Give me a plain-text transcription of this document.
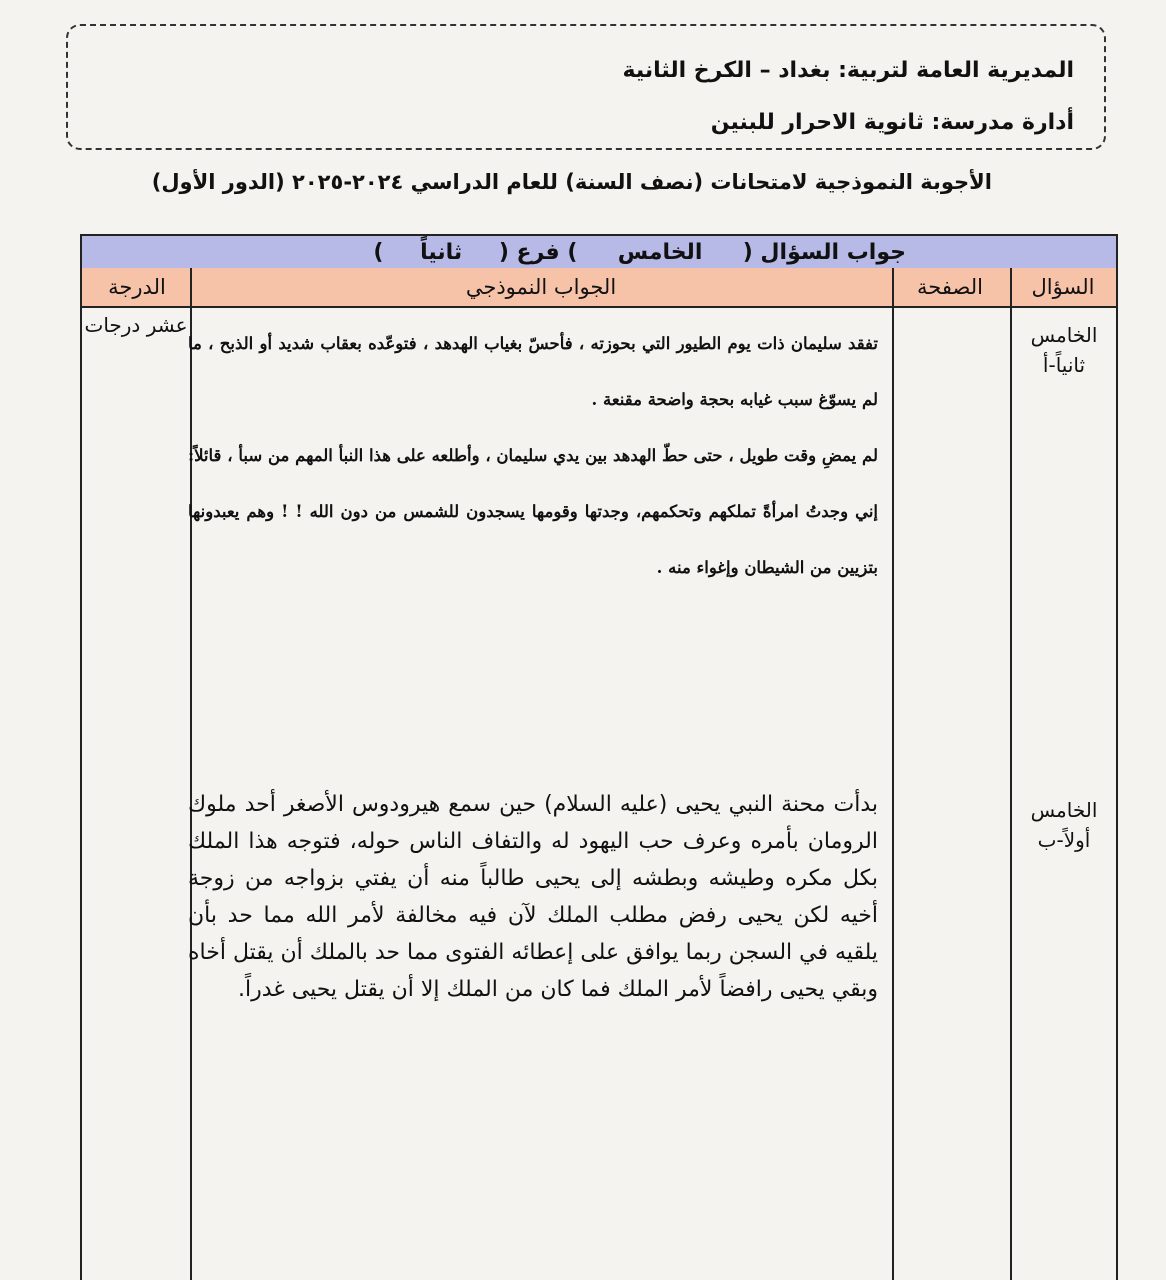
المديرية العامة لتربية: بغداد – الكرخ الثانية
أدارة مدرسة: ثانوية الاحرار للبنين
الأجوبة النموذجية لامتحانات (نصف السنة) للعام الدراسي ٢٠٢٤-٢٠٢٥ (الدور الأول)
جواب السؤال ( الخامس ) فرع ( ثانياً )
السؤال
الصفحة
الجواب النموذجي
الدرجة
الخامس ثانياً-أ
عشر درجات

تفقد سليمان ذات يوم الطيور التي بحوزته ، فأحسّ بغياب الهدهد ، فتوعّده بعقاب شديد أو الذبح ، ما لم يسوّغ سبب غيابه بحجة واضحة مقنعة .

لم يمضِ وقت طويل ، حتى حطّ الهدهد بين يدي سليمان ، وأطلعه على هذا النبأ المهم من سبأ ، قائلاً: إني وجدتُ امرأةً تملكهم وتحكمهم، وجدتها وقومها يسجدون للشمس من دون الله ! ! وهم يعبدونها بتزيين من الشيطان وإغواء منه .

الخامس أولاً-ب
بدأت محنة النبي يحيى (عليه السلام) حين سمع هيرودوس الأصغر أحد ملوك الرومان بأمره وعرف حب اليهود له والتفاف الناس حوله، فتوجه هذا الملك بكل مكره وطيشه وبطشه إلى يحيى طالباً منه أن يفتي بزواجه من زوجة أخيه لكن يحيى رفض مطلب الملك لآن فيه مخالفة لأمر الله مما حد بأن يلقيه في السجن ربما يوافق على إعطائه الفتوى مما حد بالملك أن يقتل أخاه وبقي يحيى رافضاً لأمر الملك فما كان من الملك إلا أن يقتل يحيى غدراً.
